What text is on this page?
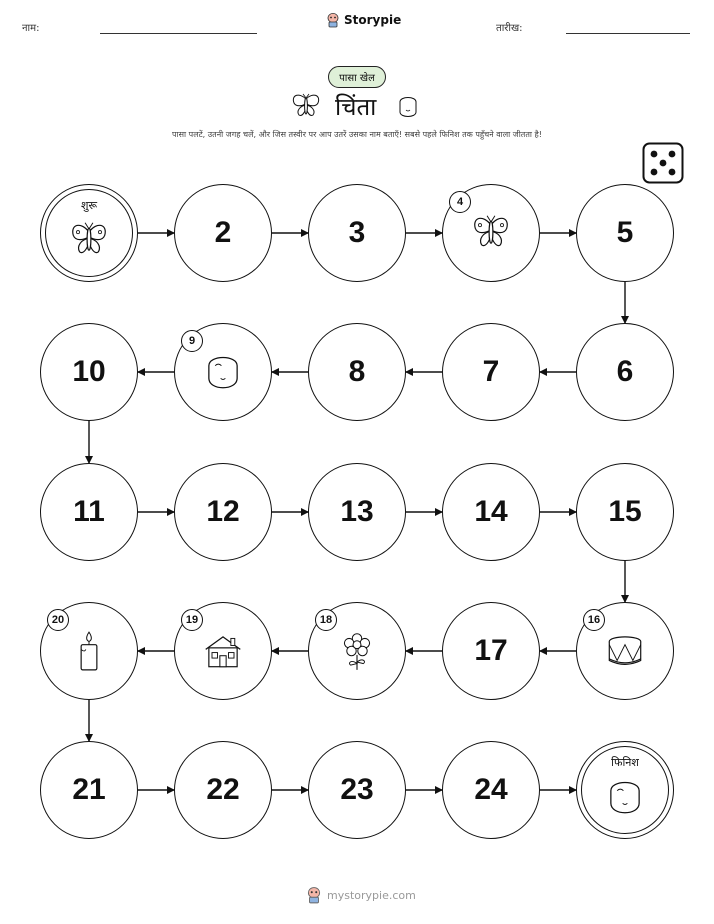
नाम:
Storypie
तारीख:
पासा खेल
चिंता
पासा पलटें, उतनी जगह चलें, और जिस तस्वीर पर आप उतरें उसका नाम बताएँ! सबसे पहले फिनिश तक पहुँचने वाला जीतता है!
शुरू
2	3
4
5
6
7
8
9
10
11	12	13	14	15
16
17
18
19
20
21	22	23	24
फिनिश
mystorypie.com
